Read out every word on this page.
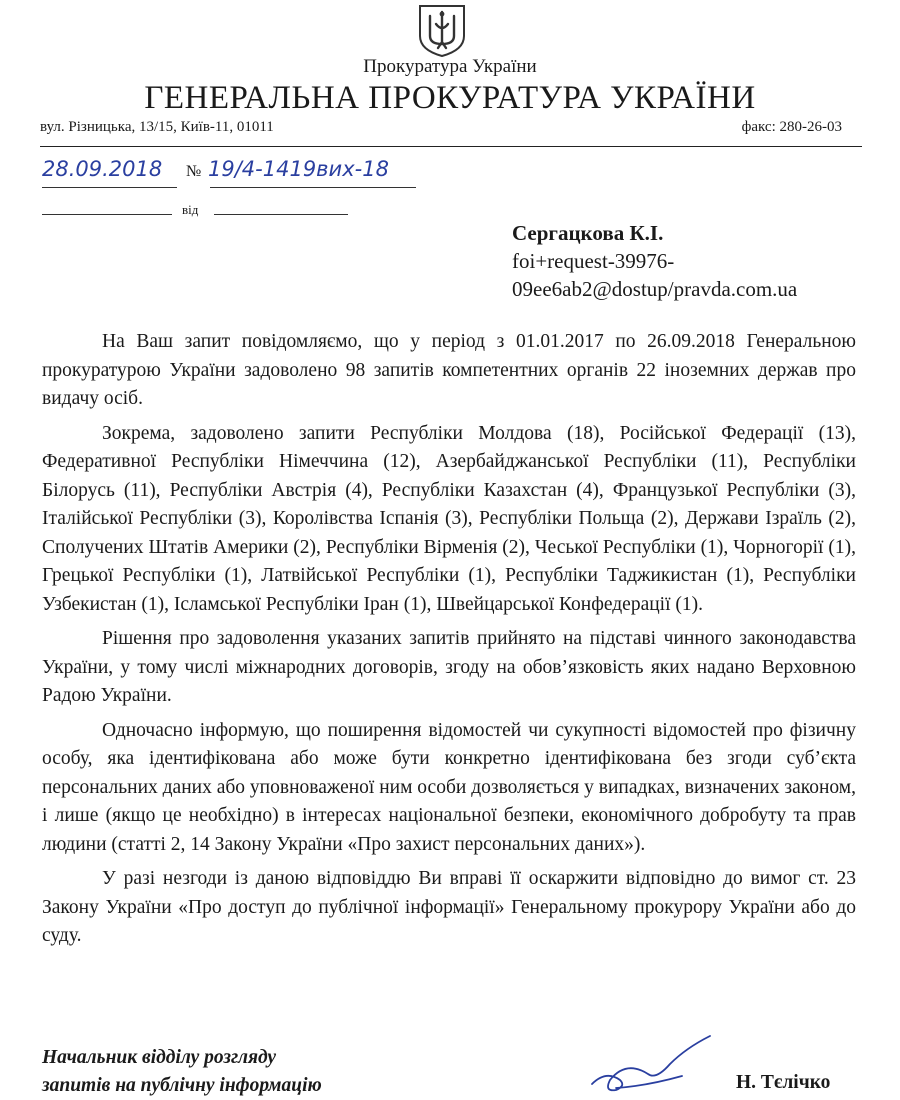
Прокуратура України
ГЕНЕРАЛЬНА ПРОКУРАТУРА УКРАЇНИ
вул. Різницька, 13/15, Київ-11, 01011	факс: 280-26-03
28.09.2018 № 19/4-1419вих-18
від
Сергацкова К.І.
foi+request-39976-
09ee6ab2@dostup/pravda.com.ua

На Ваш запит повідомляємо, що у період з 01.01.2017 по 26.09.2018 Генеральною прокуратурою України задоволено 98 запитів компетентних органів 22 іноземних держав про видачу осіб.

Зокрема, задоволено запити Республіки Молдова (18), Російської Федерації (13), Федеративної Республіки Німеччина (12), Азербайджанської Республіки (11), Республіки Білорусь (11), Республіки Австрія (4), Республіки Казахстан (4), Французької Республіки (3), Італійської Республіки (3), Королівства Іспанія (3), Республіки Польща (2), Держави Ізраїль (2), Сполучених Штатів Америки (2), Республіки Вірменія (2), Чеської Республіки (1), Чорногорії (1), Грецької Республіки (1), Латвійської Республіки (1), Республіки Таджикистан (1), Республіки Узбекистан (1), Ісламської Республіки Іран (1), Швейцарської Конфедерації (1).

Рішення про задоволення указаних запитів прийнято на підставі чинного законодавства України, у тому числі міжнародних договорів, згоду на обов’язковість яких надано Верховною Радою України.

Одночасно інформую, що поширення відомостей чи сукупності відомостей про фізичну особу, яка ідентифікована або може бути конкретно ідентифікована без згоди суб’єкта персональних даних або уповноваженої ним особи дозволяється у випадках, визначених законом, і лише (якщо це необхідно) в інтересах національної безпеки, економічного добробуту та прав людини (статті 2, 14 Закону України «Про захист персональних даних»).

У разі незгоди із даною відповіддю Ви вправі її оскаржити відповідно до вимог ст. 23 Закону України «Про доступ до публічної інформації» Генеральному прокурору України або до суду.

Начальник відділу розгляду
запитів на публічну інформацію	Н. Тєлічко
